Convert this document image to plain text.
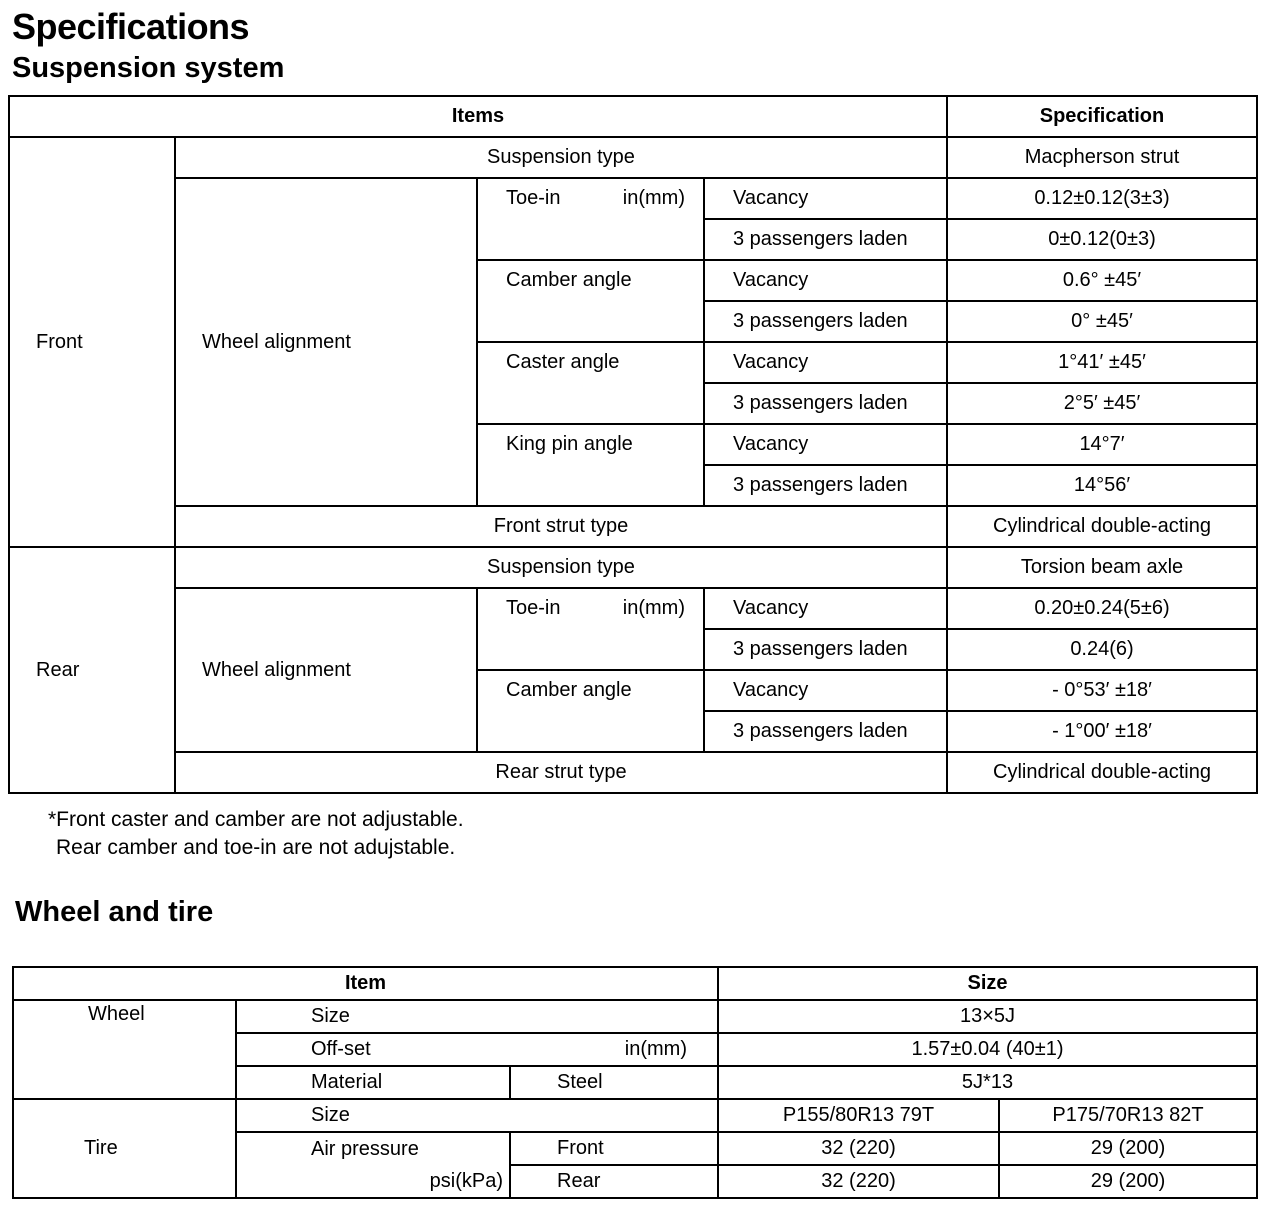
Specifications
Suspension system
Items				Specification
Front	Suspension type			Macpherson strut
	Wheel alignment	Toe-in in(mm)	Vacancy	0.12±0.12(3±3)
			3 passengers laden	0±0.12(0±3)
		Camber angle	Vacancy	0.6° ±45′
			3 passengers laden	0° ±45′
		Caster angle	Vacancy	1°41′ ±45′
			3 passengers laden	2°5′ ±45′
		King pin angle	Vacancy	14°7′
			3 passengers laden	14°56′
	Front strut type			Cylindrical double-acting
Rear	Suspension type			Torsion beam axle
	Wheel alignment	Toe-in in(mm)	Vacancy	0.20±0.24(5±6)
			3 passengers laden	0.24(6)
		Camber angle	Vacancy	- 0°53′ ±18′
			3 passengers laden	- 1°00′ ±18′
	Rear strut type			Cylindrical double-acting
*Front caster and camber are not adjustable.
Rear camber and toe-in are not adujstable.
Wheel and tire
Item			Size	
Wheel	Size		13×5J	
	Off-set in(mm)		1.57±0.04 (40±1)	
	Material	Steel	5J*13	
Tire	Size		P155/80R13 79T	P175/70R13 82T
	Air pressure	Front	32 (220)	29 (200)
	psi(kPa)	Rear	32 (220)	29 (200)
